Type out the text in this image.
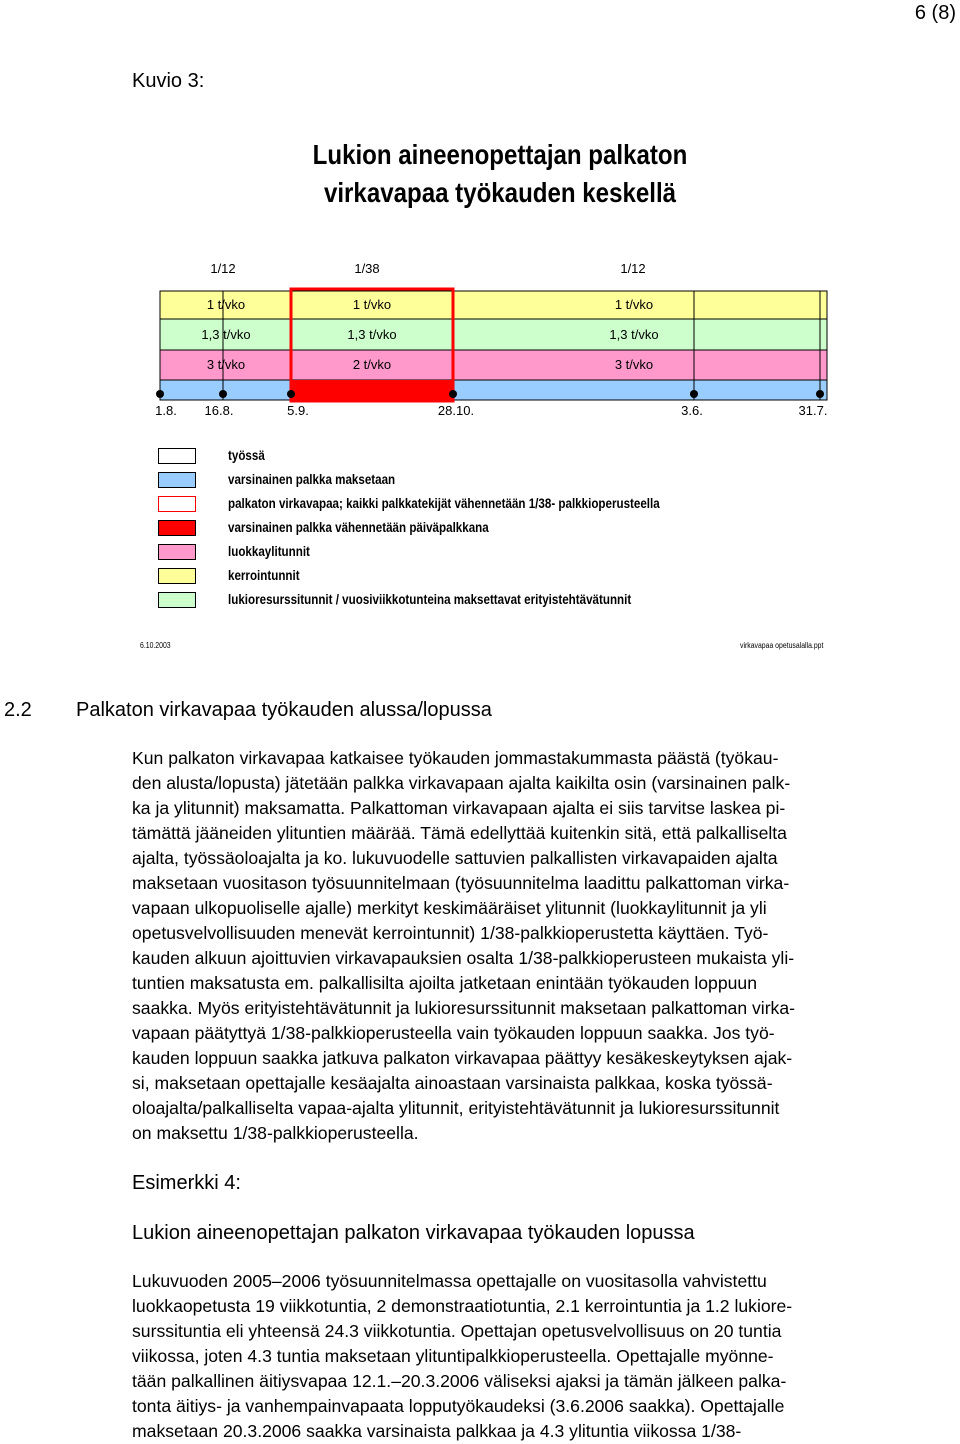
6 (8)
Kuvio 3:
Lukion aineenopettajan palkaton
virkavapaa työkauden keskellä
1/12	1/38	1/12
1 t/vko	1 t/vko	1 t/vko
1,3 t/vko	1,3 t/vko	1,3 t/vko
3 t/vko	2 t/vko	3 t/vko
1.8. 16.8.	5.9.	28.10.	3.6.	31.7.
työssä
varsinainen palkka maksetaan
palkaton virkavapaa; kaikki palkkatekijät vähennetään 1/38- palkkioperusteella
varsinainen palkka vähennetään päiväpalkkana
luokkaylitunnit
kerrointunnit
lukioresurssitunnit / vuosiviikkotunteina maksettavat erityistehtävätunnit
6.10.2003	virkavapaa opetusalalla.ppt
2.2 Palkaton virkavapaa työkauden alussa/lopussa
Kun palkaton virkavapaa katkaisee työkauden jommastakummasta päästä (työkau-
den alusta/lopusta) jätetään palkka virkavapaan ajalta kaikilta osin (varsinainen palk-
ka ja ylitunnit) maksamatta. Palkattoman virkavapaan ajalta ei siis tarvitse laskea pi-
tämättä jääneiden ylituntien määrää. Tämä edellyttää kuitenkin sitä, että palkalliselta
ajalta, työssäoloajalta ja ko. lukuvuodelle sattuvien palkallisten virkavapaiden ajalta
maksetaan vuositason työsuunnitelmaan (työsuunnitelma laadittu palkattoman virka-
vapaan ulkopuoliselle ajalle) merkityt keskimääräiset ylitunnit (luokkaylitunnit ja yli
opetusvelvollisuuden menevät kerrointunnit) 1/38-palkkioperustetta käyttäen. Työ-
kauden alkuun ajoittuvien virkavapauksien osalta 1/38-palkkioperusteen mukaista yli-
tuntien maksatusta em. palkallisilta ajoilta jatketaan enintään työkauden loppuun
saakka. Myös erityistehtävätunnit ja lukioresurssitunnit maksetaan palkattoman virka-
vapaan päätyttyä 1/38-palkkioperusteella vain työkauden loppuun saakka. Jos työ-
kauden loppuun saakka jatkuva palkaton virkavapaa päättyy kesäkeskeytyksen ajak-
si, maksetaan opettajalle kesäajalta ainoastaan varsinaista palkkaa, koska työssä-
oloajalta/palkalliselta vapaa-ajalta ylitunnit, erityistehtävätunnit ja lukioresurssitunnit
on maksettu 1/38-palkkioperusteella.
Esimerkki 4:
Lukion aineenopettajan palkaton virkavapaa työkauden lopussa
Lukuvuoden 2005–2006 työsuunnitelmassa opettajalle on vuositasolla vahvistettu
luokkaopetusta 19 viikkotuntia, 2 demonstraatiotuntia, 2.1 kerrointuntia ja 1.2 lukiore-
surssituntia eli yhteensä 24.3 viikkotuntia. Opettajan opetusvelvollisuus on 20 tuntia
viikossa, joten 4.3 tuntia maksetaan ylituntipalkkioperusteella. Opettajalle myönne-
tään palkallinen äitiysvapaa 12.1.–20.3.2006 väliseksi ajaksi ja tämän jälkeen palka-
tonta äitiys- ja vanhempainvapaata lopputyökaudeksi (3.6.2006 saakka). Opettajalle
maksetaan 20.3.2006 saakka varsinaista palkkaa ja 4.3 ylituntia viikossa 1/38-
